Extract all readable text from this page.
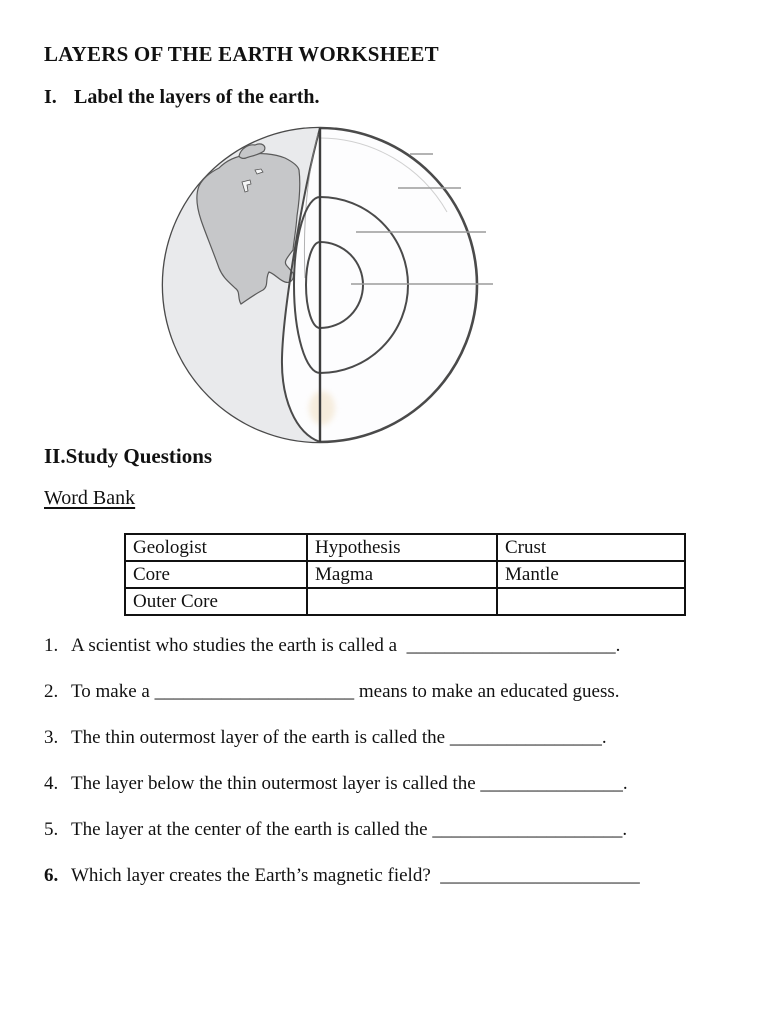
LAYERS OF THE EARTH WORKSHEET
I. Label the layers of the earth.
II.Study Questions
Word Bank
Geologist	Hypothesis	Crust
Core	Magma	Mantle
Outer Core		
1. A scientist who studies the earth is called a  ______________________.
2. To make a _____________________ means to make an educated guess.
3. The thin outermost layer of the earth is called the ________________.
4. The layer below the thin outermost layer is called the _______________.
5. The layer at the center of the earth is called the ____________________.
6. Which layer creates the Earth’s magnetic field?  _____________________
